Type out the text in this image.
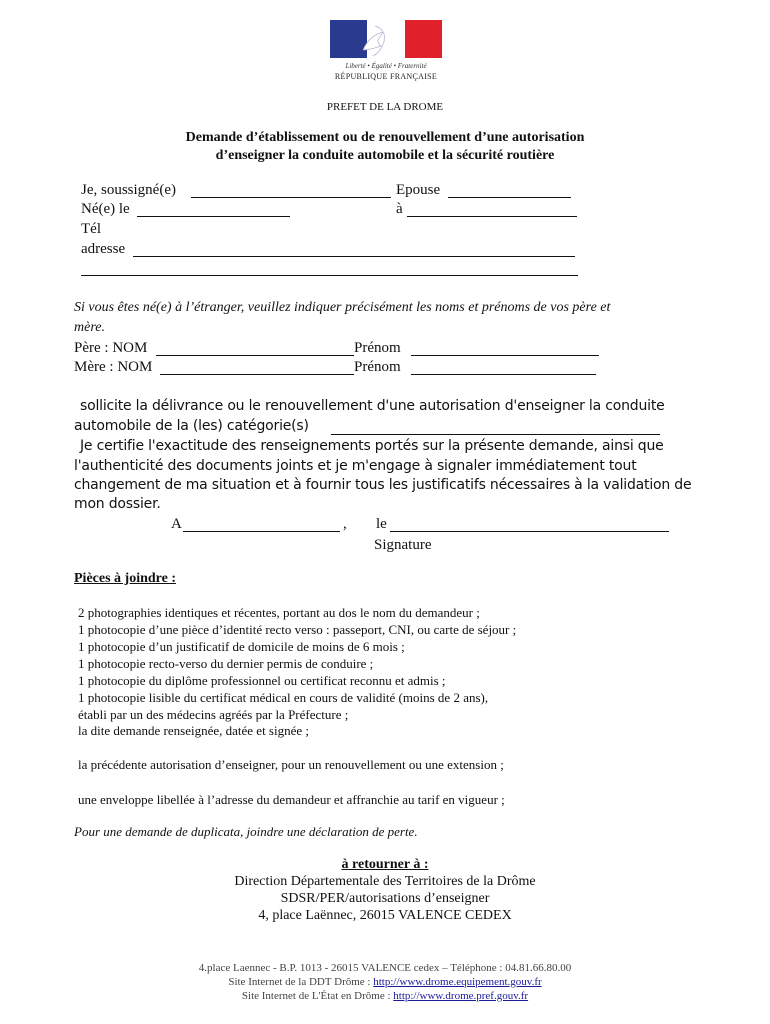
Liberté • Égalité • Fraternité
RÉPUBLIQUE FRANÇAISE
PREFET DE LA DROME
Demande d’établissement ou de renouvellement d’une autorisation
d’enseigner la conduite automobile et la sécurité routière
Je, soussigné(e)	Epouse
Né(e) le	à
Tél
adresse
Si vous êtes né(e) à l’étranger, veuillez indiquer précisément les noms et prénoms de vos père et
mère.
Père : NOM	Prénom
Mère : NOM	Prénom
sollicite la délivrance ou le renouvellement d'une autorisation d'enseigner la conduite
automobile de la (les) catégorie(s)
Je certifie l'exactitude des renseignements portés sur la présente demande, ainsi que
l'authenticité des documents joints et je m'engage à signaler immédiatement tout
changement de ma situation et à fournir tous les justificatifs nécessaires à la validation de
mon dossier.
A	, le
Signature
Pièces à joindre :
2 photographies identiques et récentes, portant au dos le nom du demandeur ;
1 photocopie d’une pièce d’identité recto verso : passeport, CNI, ou carte de séjour ;
1 photocopie d’un justificatif de domicile de moins de 6 mois ;
1 photocopie recto-verso du dernier permis de conduire ;
1 photocopie du diplôme professionnel ou certificat reconnu et admis ;
1 photocopie lisible du certificat médical en cours de validité (moins de 2 ans),
établi par un des médecins agréés par la Préfecture ;
la dite demande renseignée, datée et signée ;
la précédente autorisation d’enseigner, pour un renouvellement ou une extension ;
une enveloppe libellée à l’adresse du demandeur et affranchie au tarif en vigueur ;
Pour une demande de duplicata, joindre une déclaration de perte.
à retourner à :
Direction Départementale des Territoires de la Drôme
SDSR/PER/autorisations d’enseigner
4, place Laënnec, 26015 VALENCE CEDEX
4.place Laennec - B.P. 1013 - 26015 VALENCE cedex – Téléphone : 04.81.66.80.00
Site Internet de la DDT Drôme : http://www.drome.equipement.gouv.fr
Site Internet de L'État en Drôme : http://www.drome.pref.gouv.fr
